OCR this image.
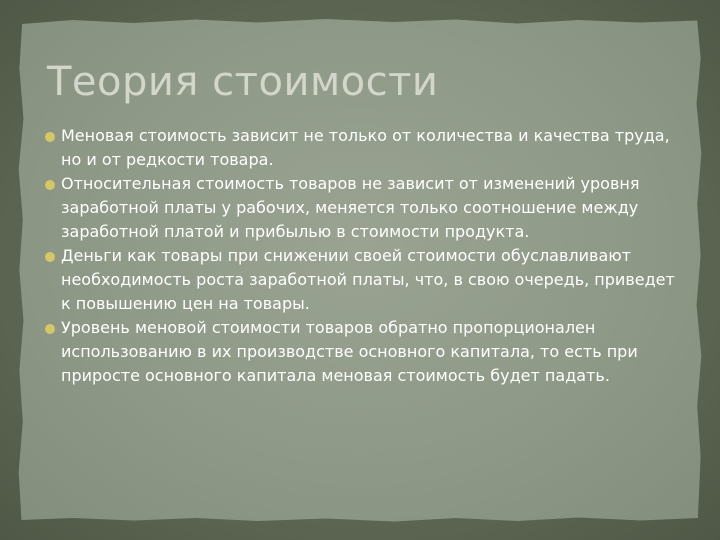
Теория стоимости
Меновая стоимость зависит не только от количества и качества труда, но и от редкости товара.
Относительная стоимость товаров не зависит от изменений уровня заработной платы у рабочих, меняется только соотношение между заработной платой и прибылью в стоимости продукта.
Деньги как товары при снижении своей стоимости обуславливают необходимость роста заработной платы, что, в свою очередь, приведет к повышению цен на товары.
Уровень меновой стоимости товаров обратно пропорционален использованию в их производстве основного капитала, то есть при приросте основного капитала меновая стоимость будет падать.
